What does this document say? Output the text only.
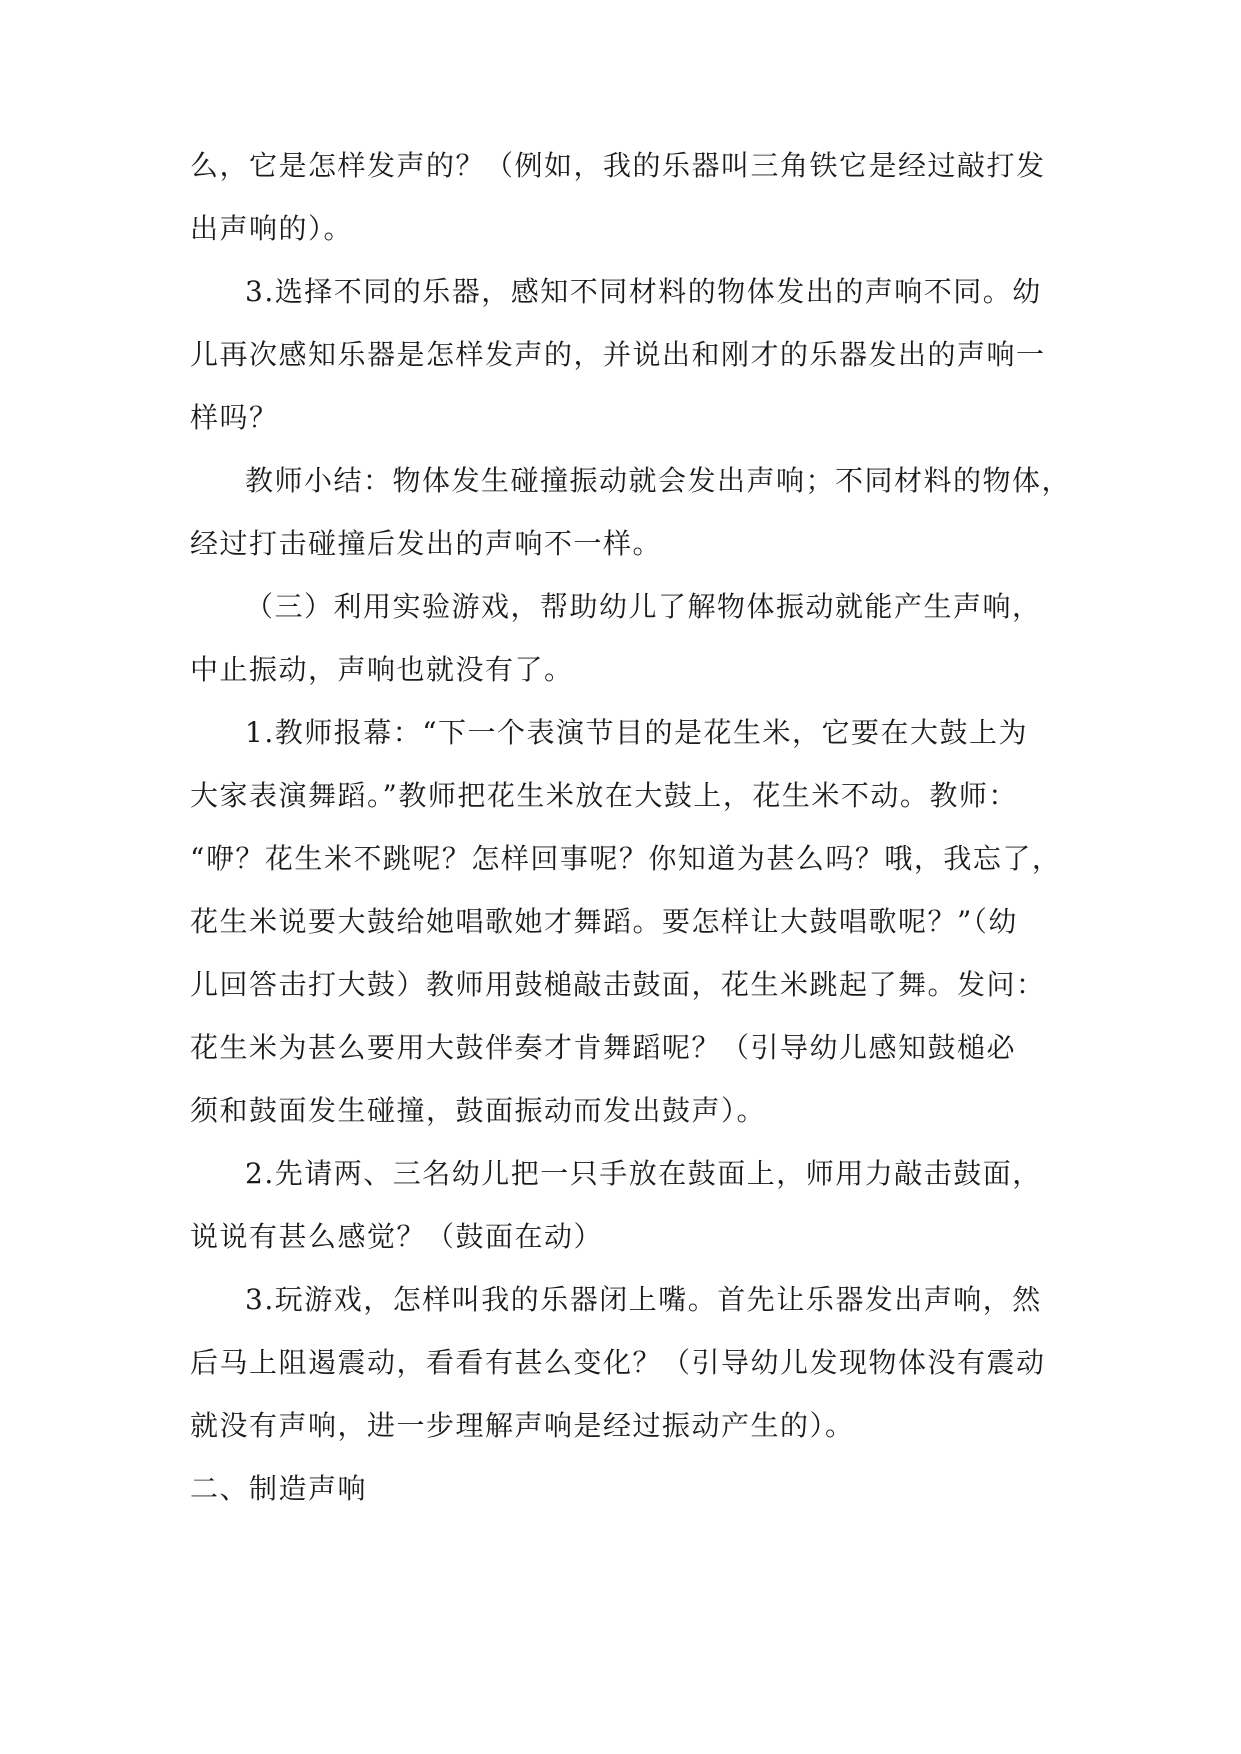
么，它是怎样发声的？（例如，我的乐器叫三角铁它是经过敲打发
出声响的）。
3.选择不同的乐器，感知不同材料的物体发出的声响不同。幼
儿再次感知乐器是怎样发声的，并说出和刚才的乐器发出的声响一
样吗？
教师小结：物体发生碰撞振动就会发出声响；不同材料的物体，
经过打击碰撞后发出的声响不一样。
（三）利用实验游戏，帮助幼儿了解物体振动就能产生声响，
中止振动，声响也就没有了。
1.教师报幕：“下一个表演节目的是花生米，它要在大鼓上为
大家表演舞蹈。”教师把花生米放在大鼓上，花生米不动。教师：
“咿？花生米不跳呢？怎样回事呢？你知道为甚么吗？哦，我忘了，
花生米说要大鼓给她唱歌她才舞蹈。要怎样让大鼓唱歌呢？”（幼
儿回答击打大鼓）教师用鼓槌敲击鼓面，花生米跳起了舞。发问：
花生米为甚么要用大鼓伴奏才肯舞蹈呢？（引导幼儿感知鼓槌必
须和鼓面发生碰撞，鼓面振动而发出鼓声）。
2.先请两、三名幼儿把一只手放在鼓面上，师用力敲击鼓面，
说说有甚么感觉？（鼓面在动）
3.玩游戏，怎样叫我的乐器闭上嘴。首先让乐器发出声响，然
后马上阻遏震动，看看有甚么变化？（引导幼儿发现物体没有震动
就没有声响，进一步理解声响是经过振动产生的）。
二、制造声响
